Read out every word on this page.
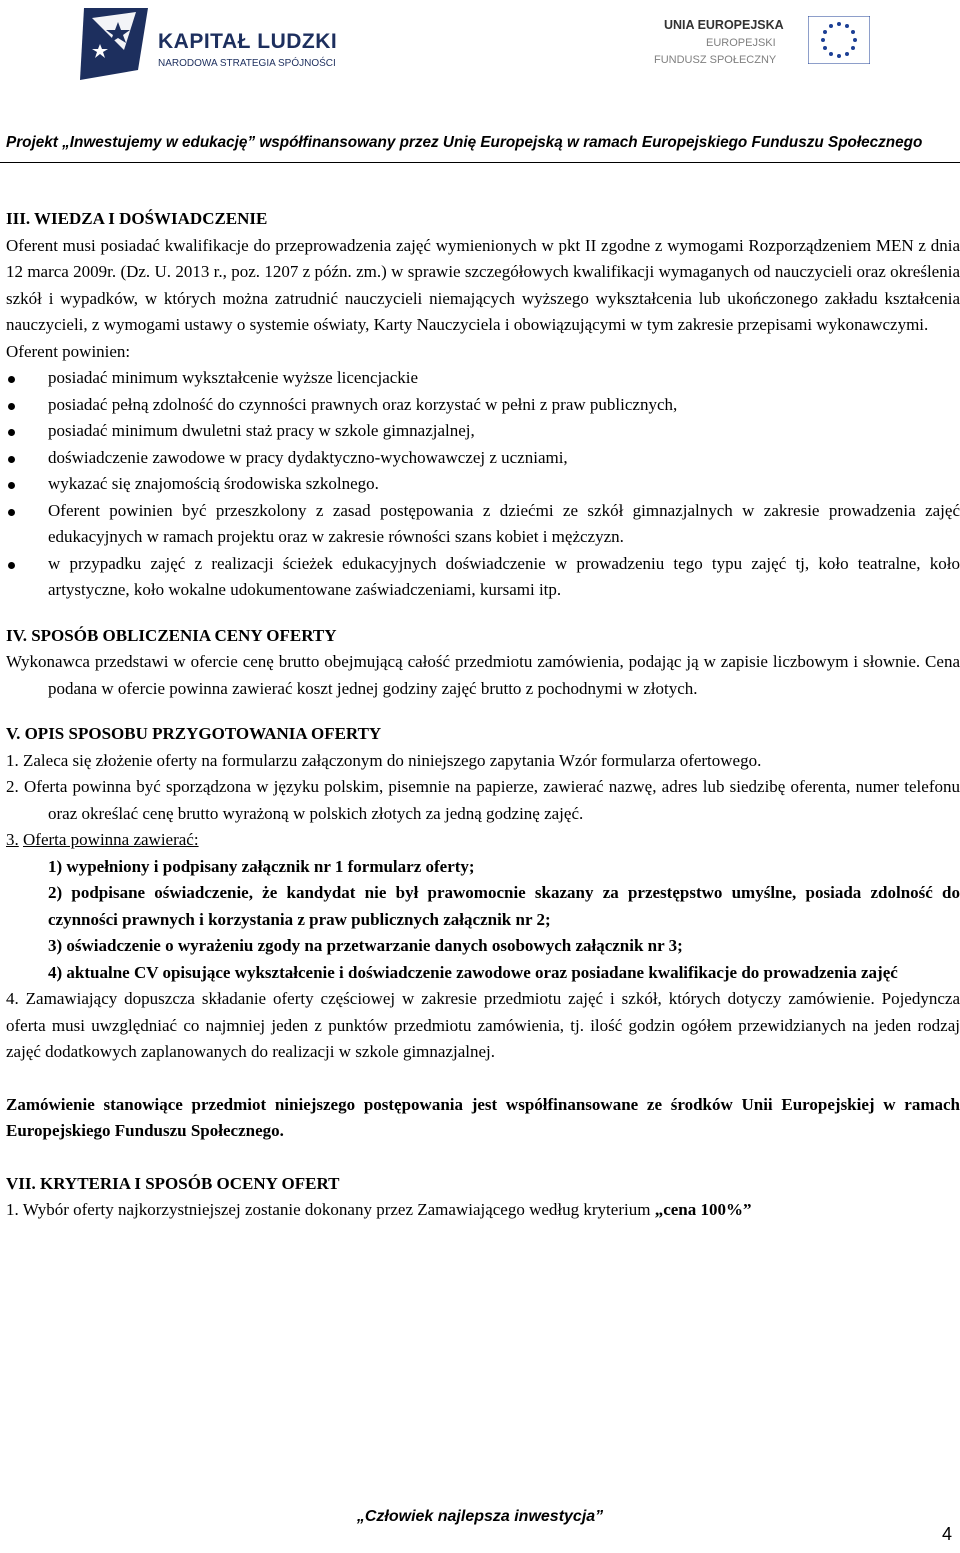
KAPITAŁ LUDZKI
NARODOWA STRATEGIA SPÓJNOŚCI
UNIA EUROPEJSKA
EUROPEJSKI
FUNDUSZ SPOŁECZNY
Projekt „Inwestujemy w edukację” współfinansowany przez Unię Europejską w ramach Europejskiego Funduszu Społecznego

III. WIEDZA I DOŚWIADCZENIE

Oferent musi posiadać kwalifikacje do przeprowadzenia zajęć wymienionych w pkt II zgodne z wymogami Rozporządzeniem MEN z dnia 12 marca 2009r. (Dz. U. 2013 r., poz. 1207 z późn. zm.) w sprawie szczegółowych kwalifikacji wymaganych od nauczycieli oraz określenia szkół i wypadków, w których można zatrudnić nauczycieli niemających wyższego wykształcenia lub ukończonego zakładu kształcenia nauczycieli, z wymogami ustawy o systemie oświaty, Karty Nauczyciela i obowiązującymi w tym zakresie przepisami wykonawczymi.

Oferent powinien:

posiadać minimum wykształcenie wyższe licencjackie
posiadać pełną zdolność do czynności prawnych oraz korzystać w pełni z praw publicznych,
posiadać minimum dwuletni staż pracy w szkole gimnazjalnej,
doświadczenie zawodowe w pracy dydaktyczno-wychowawczej z uczniami,
wykazać się znajomością środowiska szkolnego.
Oferent powinien być przeszkolony z zasad postępowania z dziećmi ze szkół gimnazjalnych w zakresie prowadzenia zajęć edukacyjnych w ramach projektu oraz w zakresie równości szans kobiet i mężczyzn.
w przypadku zajęć z realizacji ścieżek edukacyjnych doświadczenie w prowadzeniu tego typu zajęć tj, koło teatralne, koło artystyczne, koło wokalne udokumentowane zaświadczeniami, kursami itp.

IV. SPOSÓB OBLICZENIA CENY OFERTY

Wykonawca przedstawi w ofercie cenę brutto obejmującą całość przedmiotu zamówienia, podając ją w zapisie liczbowym i słownie. Cena podana w ofercie powinna zawierać koszt jednej godziny zajęć brutto z pochodnymi w złotych.

V. OPIS SPOSOBU PRZYGOTOWANIA OFERTY

1. Zaleca się złożenie oferty na formularzu załączonym do niniejszego zapytania Wzór formularza ofertowego.

2. Oferta powinna być sporządzona w języku polskim, pisemnie na papierze, zawierać nazwę, adres lub siedzibę oferenta, numer telefonu oraz określać cenę brutto wyrażoną w polskich złotych za jedną godzinę zajęć.

3. Oferta powinna zawierać:

1) wypełniony i podpisany załącznik nr 1 formularz oferty;

2) podpisane oświadczenie, że kandydat nie był prawomocnie skazany za przestępstwo umyślne, posiada zdolność do czynności prawnych i korzystania z praw publicznych załącznik nr 2;

3) oświadczenie o wyrażeniu zgody na przetwarzanie danych osobowych załącznik nr 3;

4) aktualne CV opisujące wykształcenie i doświadczenie zawodowe oraz posiadane kwalifikacje do prowadzenia zajęć

4. Zamawiający dopuszcza składanie oferty częściowej w zakresie przedmiotu zajęć i szkół, których dotyczy zamówienie. Pojedyncza oferta musi uwzględniać co najmniej jeden z punktów przedmiotu zamówienia, tj. ilość godzin ogółem przewidzianych na jeden rodzaj zajęć dodatkowych zaplanowanych do realizacji w szkole gimnazjalnej.

Zamówienie stanowiące przedmiot niniejszego postępowania jest współfinansowane ze środków Unii Europejskiej w ramach Europejskiego Funduszu Społecznego.

VII. KRYTERIA I SPOSÓB OCENY OFERT

1. Wybór oferty najkorzystniejszej zostanie dokonany przez Zamawiającego według kryterium „cena 100%”

„Człowiek najlepsza inwestycja”
4
